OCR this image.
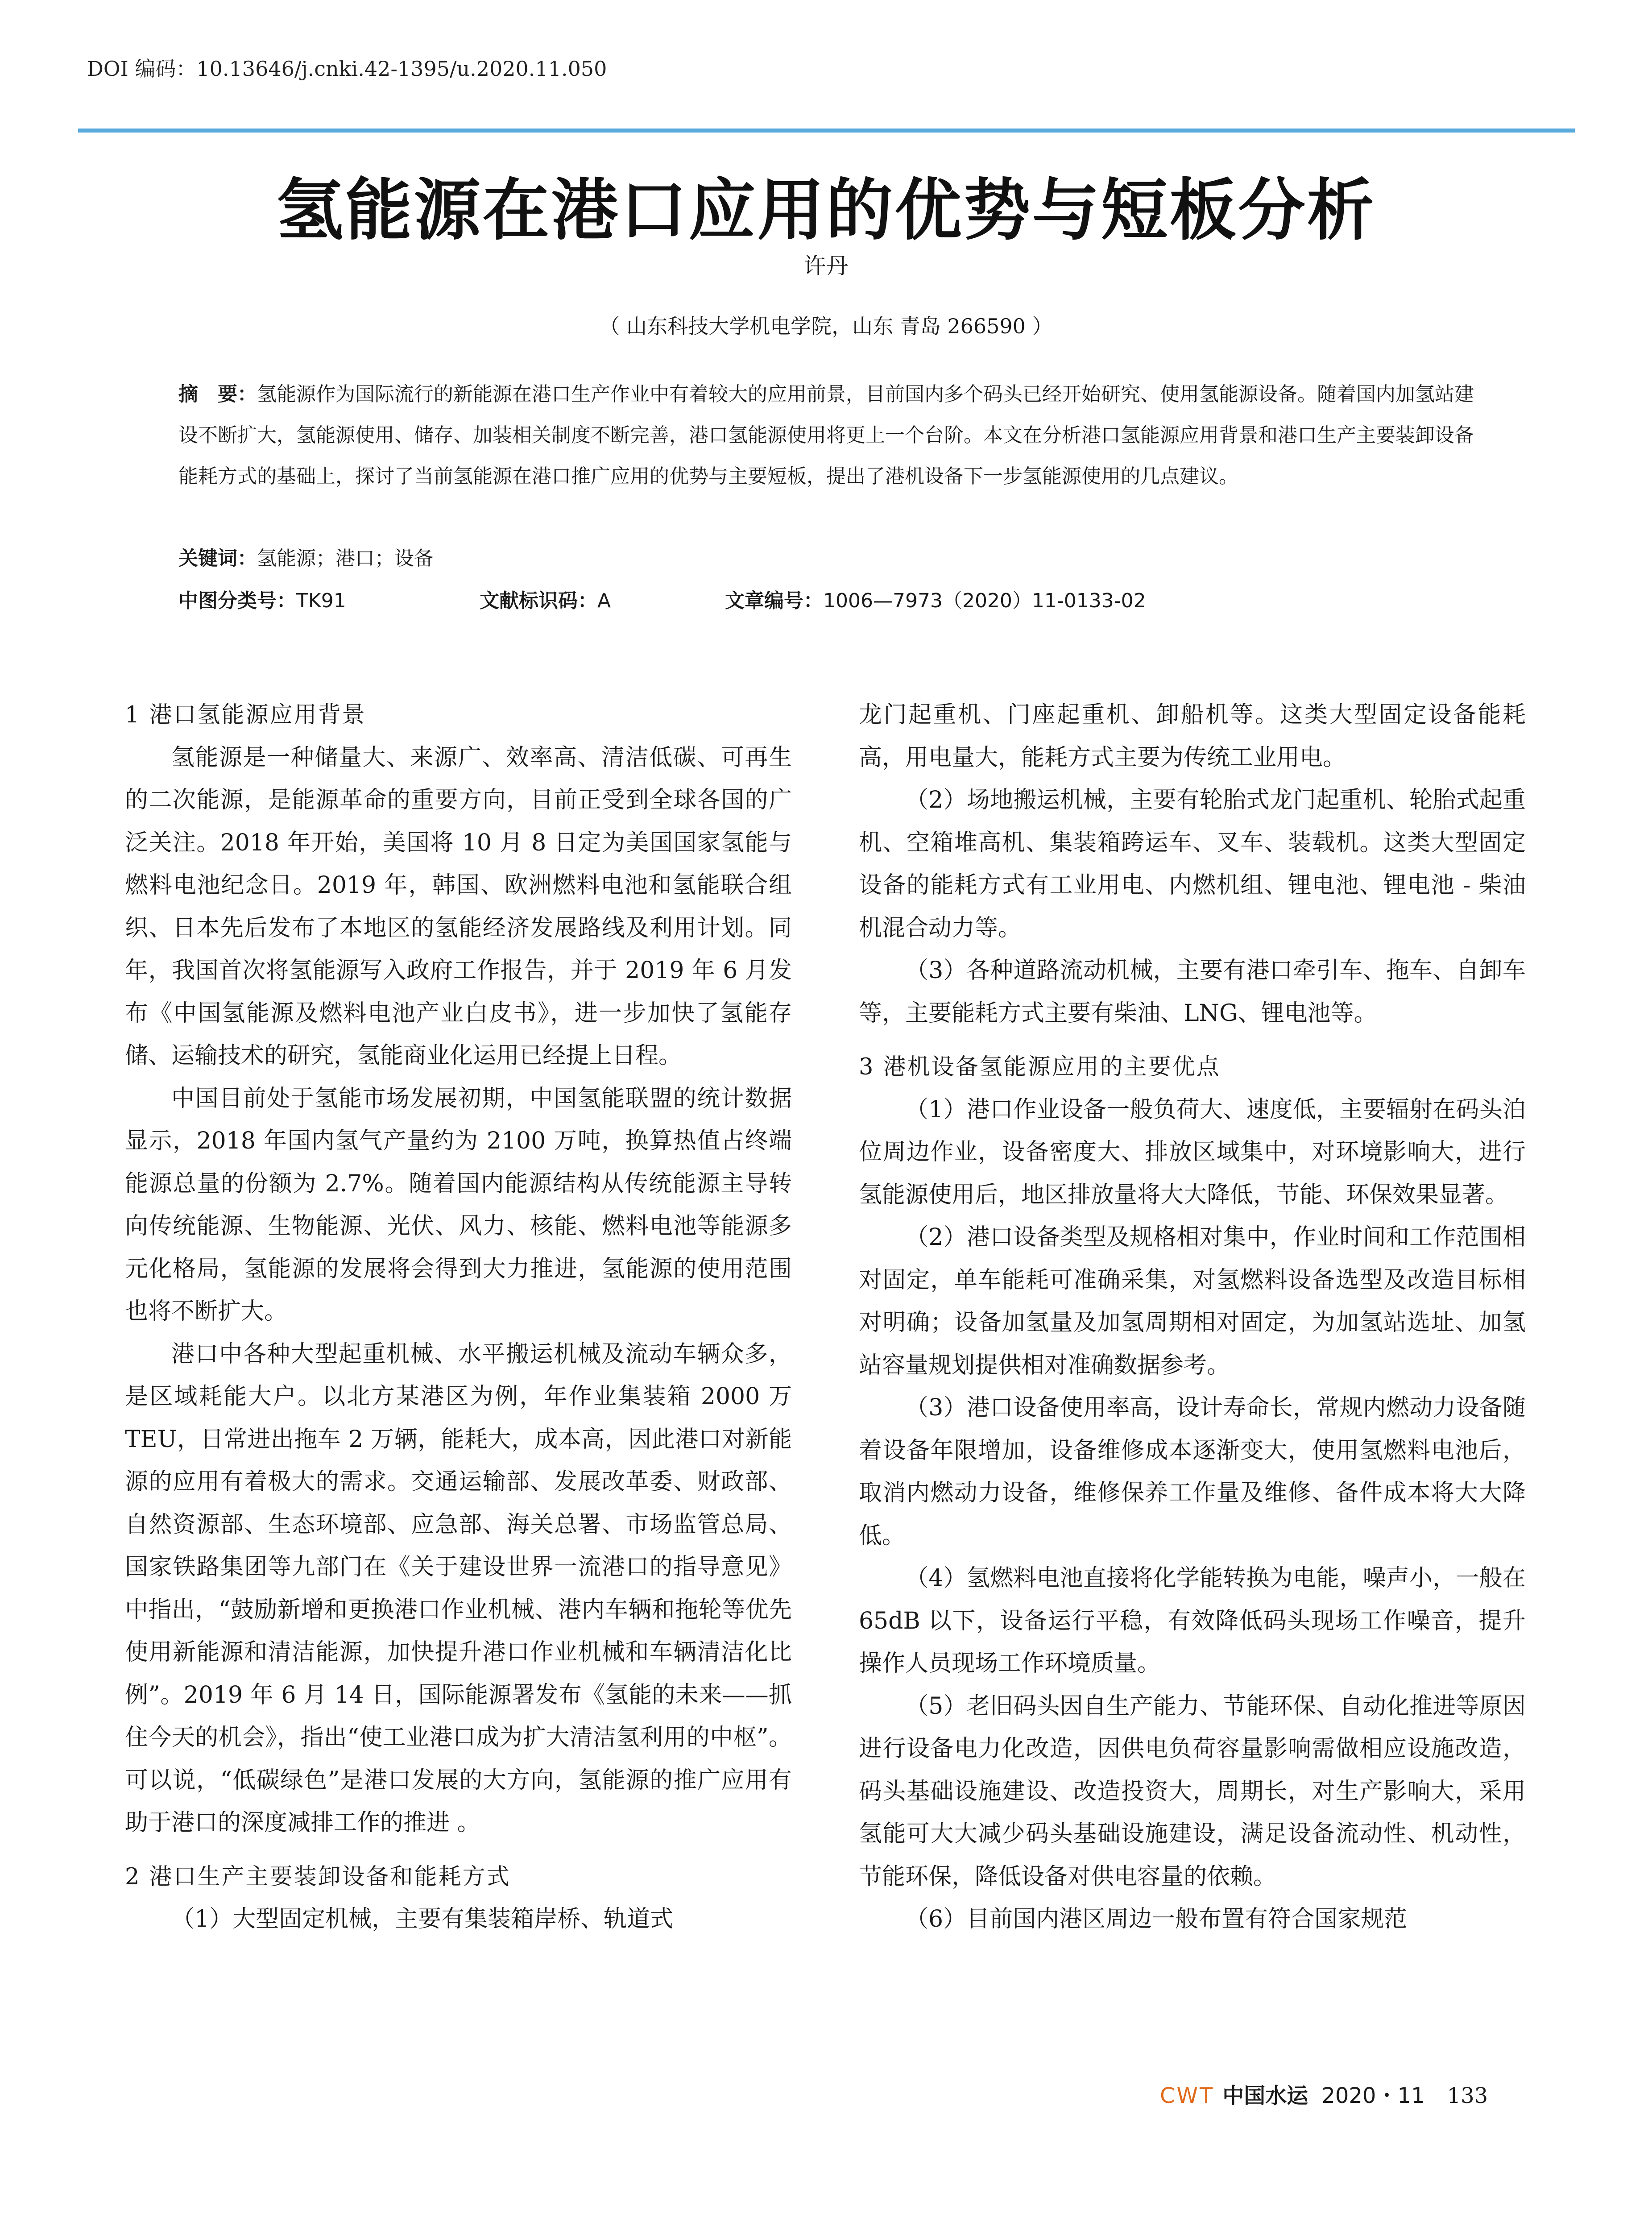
DOI 编码：10.13646/j.cnki.42-1395/u.2020.11.050
氢能源在港口应用的优势与短板分析
许丹
（ 山东科技大学机电学院，山东 青岛 266590 ）
摘　要：氢能源作为国际流行的新能源在港口生产作业中有着较大的应用前景，目前国内多个码头已经开始研究、使用氢能源设备。随着国内加氢站建设不断扩大，氢能源使用、储存、加装相关制度不断完善，港口氢能源使用将更上一个台阶。本文在分析港口氢能源应用背景和港口生产主要装卸设备能耗方式的基础上，探讨了当前氢能源在港口推广应用的优势与主要短板，提出了港机设备下一步氢能源使用的几点建议。
关键词：氢能源；港口；设备
中图分类号：TK91	文献标识码：A	文章编号：1006—7973（2020）11-0133-02
1 港口氢能源应用背景

氢能源是一种储量大、来源广、效率高、清洁低碳、可再生的二次能源，是能源革命的重要方向，目前正受到全球各国的广泛关注。2018 年开始，美国将 10 月 8 日定为美国国家氢能与燃料电池纪念日。2019 年，韩国、欧洲燃料电池和氢能联合组织、日本先后发布了本地区的氢能经济发展路线及利用计划。同年，我国首次将氢能源写入政府工作报告，并于 2019 年 6 月发布《中国氢能源及燃料电池产业白皮书》，进一步加快了氢能存储、运输技术的研究，氢能商业化运用已经提上日程。

中国目前处于氢能市场发展初期，中国氢能联盟的统计数据显示，2018 年国内氢气产量约为 2100 万吨，换算热值占终端能源总量的份额为 2.7%。随着国内能源结构从传统能源主导转向传统能源、生物能源、光伏、风力、核能、燃料电池等能源多元化格局，氢能源的发展将会得到大力推进，氢能源的使用范围也将不断扩大。

港口中各种大型起重机械、水平搬运机械及流动车辆众多，是区域耗能大户。以北方某港区为例，年作业集装箱 2000 万 TEU，日常进出拖车 2 万辆，能耗大，成本高，因此港口对新能源的应用有着极大的需求。交通运输部、发展改革委、财政部、自然资源部、生态环境部、应急部、海关总署、市场监管总局、国家铁路集团等九部门在《关于建设世界一流港口的指导意见》中指出，“鼓励新增和更换港口作业机械、港内车辆和拖轮等优先使用新能源和清洁能源，加快提升港口作业机械和车辆清洁化比例”。2019 年 6 月 14 日，国际能源署发布《氢能的未来——抓住今天的机会》，指出“使工业港口成为扩大清洁氢利用的中枢”。可以说，“低碳绿色”是港口发展的大方向，氢能源的推广应用有助于港口的深度减排工作的推进 。

2 港口生产主要装卸设备和能耗方式

（1）大型固定机械，主要有集装箱岸桥、轨道式

龙门起重机、门座起重机、卸船机等。这类大型固定设备能耗高，用电量大，能耗方式主要为传统工业用电。

（2）场地搬运机械，主要有轮胎式龙门起重机、轮胎式起重机、空箱堆高机、集装箱跨运车、叉车、装载机。这类大型固定设备的能耗方式有工业用电、内燃机组、锂电池、锂电池 - 柴油机混合动力等。

（3）各种道路流动机械，主要有港口牵引车、拖车、自卸车等，主要能耗方式主要有柴油、LNG、锂电池等。

3 港机设备氢能源应用的主要优点

（1）港口作业设备一般负荷大、速度低，主要辐射在码头泊位周边作业，设备密度大、排放区域集中，对环境影响大，进行氢能源使用后，地区排放量将大大降低，节能、环保效果显著。

（2）港口设备类型及规格相对集中，作业时间和工作范围相对固定，单车能耗可准确采集，对氢燃料设备选型及改造目标相对明确；设备加氢量及加氢周期相对固定，为加氢站选址、加氢站容量规划提供相对准确数据参考。

（3）港口设备使用率高，设计寿命长，常规内燃动力设备随着设备年限增加，设备维修成本逐渐变大，使用氢燃料电池后，取消内燃动力设备，维修保养工作量及维修、备件成本将大大降低。

（4）氢燃料电池直接将化学能转换为电能，噪声小，一般在 65dB 以下，设备运行平稳，有效降低码头现场工作噪音，提升操作人员现场工作环境质量。

（5）老旧码头因自生产能力、节能环保、自动化推进等原因进行设备电力化改造，因供电负荷容量影响需做相应设施改造，码头基础设施建设、改造投资大，周期长，对生产影响大，采用氢能可大大减少码头基础设施建设，满足设备流动性、机动性，节能环保，降低设备对供电容量的依赖。

（6）目前国内港区周边一般布置有符合国家规范

CWT 中国水运 2020・11 133
